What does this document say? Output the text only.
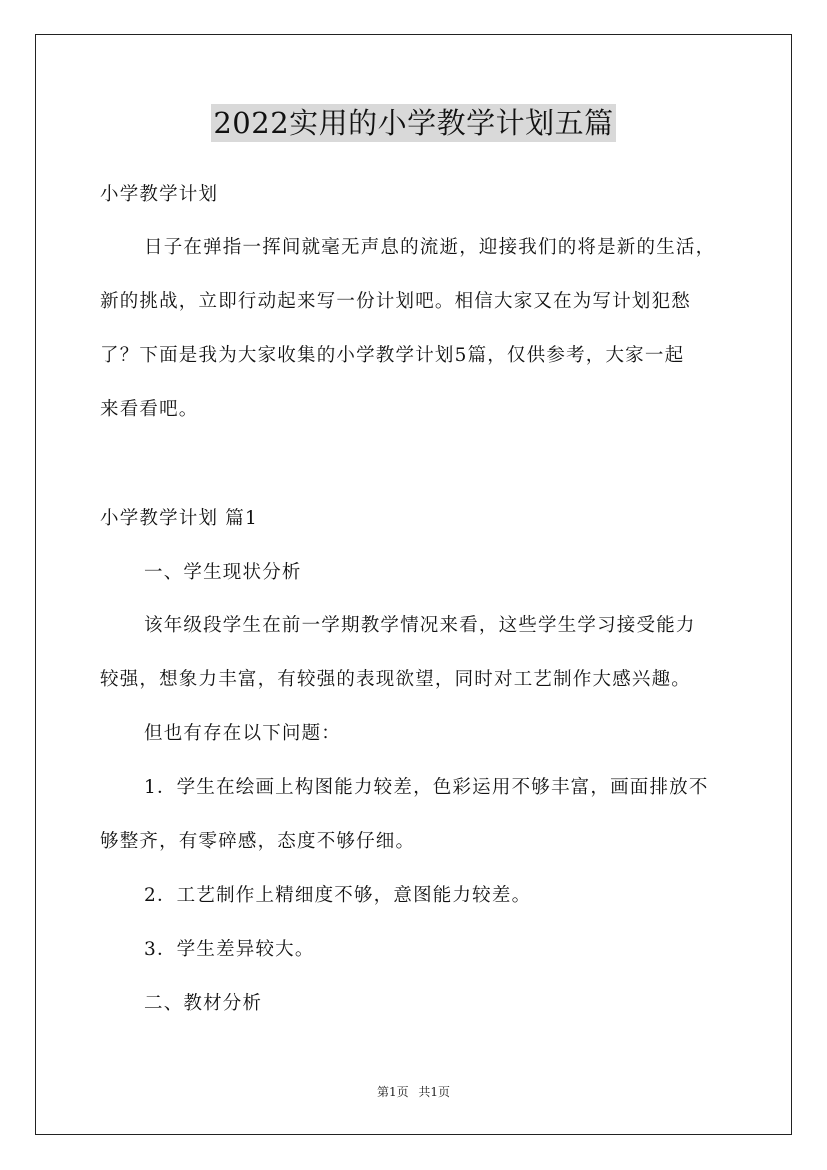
2022实用的小学教学计划五篇
小学教学计划
日子在弹指一挥间就毫无声息的流逝，迎接我们的将是新的生活，
新的挑战，立即行动起来写一份计划吧。相信大家又在为写计划犯愁
了？下面是我为大家收集的小学教学计划5篇，仅供参考，大家一起
来看看吧。
小学教学计划 篇1
一、学生现状分析
该年级段学生在前一学期教学情况来看，这些学生学习接受能力
较强，想象力丰富，有较强的表现欲望，同时对工艺制作大感兴趣。
但也有存在以下问题：
1．学生在绘画上构图能力较差，色彩运用不够丰富，画面排放不
够整齐，有零碎感，态度不够仔细。
2．工艺制作上精细度不够，意图能力较差。
3．学生差异较大。
二、教材分析
第1页 共1页
